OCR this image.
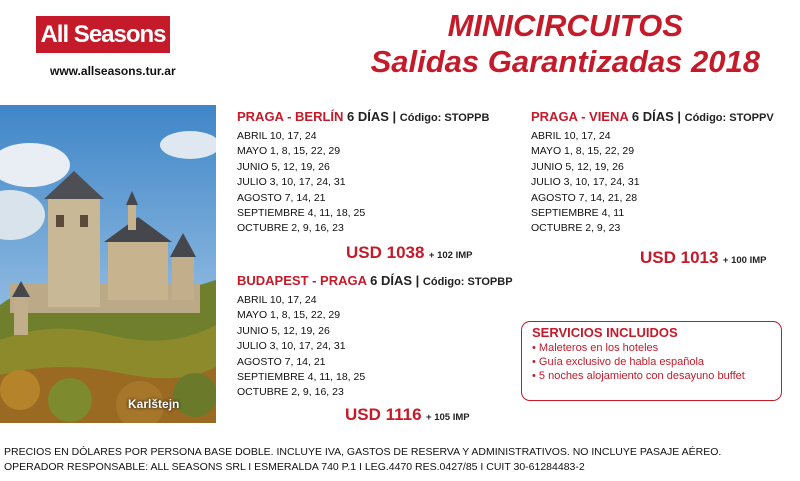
All Seasons
www.allseasons.tur.ar
MINICIRCUITOS
Salidas Garantizadas 2018
Karlštejn
PRAGA - BERLÍN 6 DÍAS | Código: STOPPB
ABRIL 10, 17, 24
MAYO 1, 8, 15, 22, 29
JUNIO 5, 12, 19, 26
JULIO 3, 10, 17, 24, 31
AGOSTO 7, 14, 21
SEPTIEMBRE 4, 11, 18, 25
OCTUBRE 2, 9, 16, 23
USD 1038 + 102 IMP
PRAGA - VIENA 6 DÍAS | Código: STOPPV
ABRIL 10, 17, 24
MAYO 1, 8, 15, 22, 29
JUNIO 5, 12, 19, 26
JULIO 3, 10, 17, 24, 31
AGOSTO 7, 14, 21, 28
SEPTIEMBRE 4, 11
OCTUBRE 2, 9, 23
USD 1013 + 100 IMP
BUDAPEST - PRAGA 6 DÍAS | Código: STOPBP
ABRIL 10, 17, 24
MAYO 1, 8, 15, 22, 29
JUNIO 5, 12, 19, 26
JULIO 3, 10, 17, 24, 31
AGOSTO 7, 14, 21
SEPTIEMBRE 4, 11, 18, 25
OCTUBRE 2, 9, 16, 23
USD 1116 + 105 IMP
SERVICIOS INCLUIDOS
• Maleteros en los hoteles
• Guía exclusivo de habla española
• 5 noches alojamiento con desayuno buffet
PRECIOS EN DÓLARES POR PERSONA BASE DOBLE. INCLUYE IVA, GASTOS DE RESERVA Y ADMINISTRATIVOS. NO INCLUYE PASAJE AÉREO.
OPERADOR RESPONSABLE: ALL SEASONS SRL I ESMERALDA 740 P.1 I LEG.4470 RES.0427/85 I CUIT 30-61284483-2
